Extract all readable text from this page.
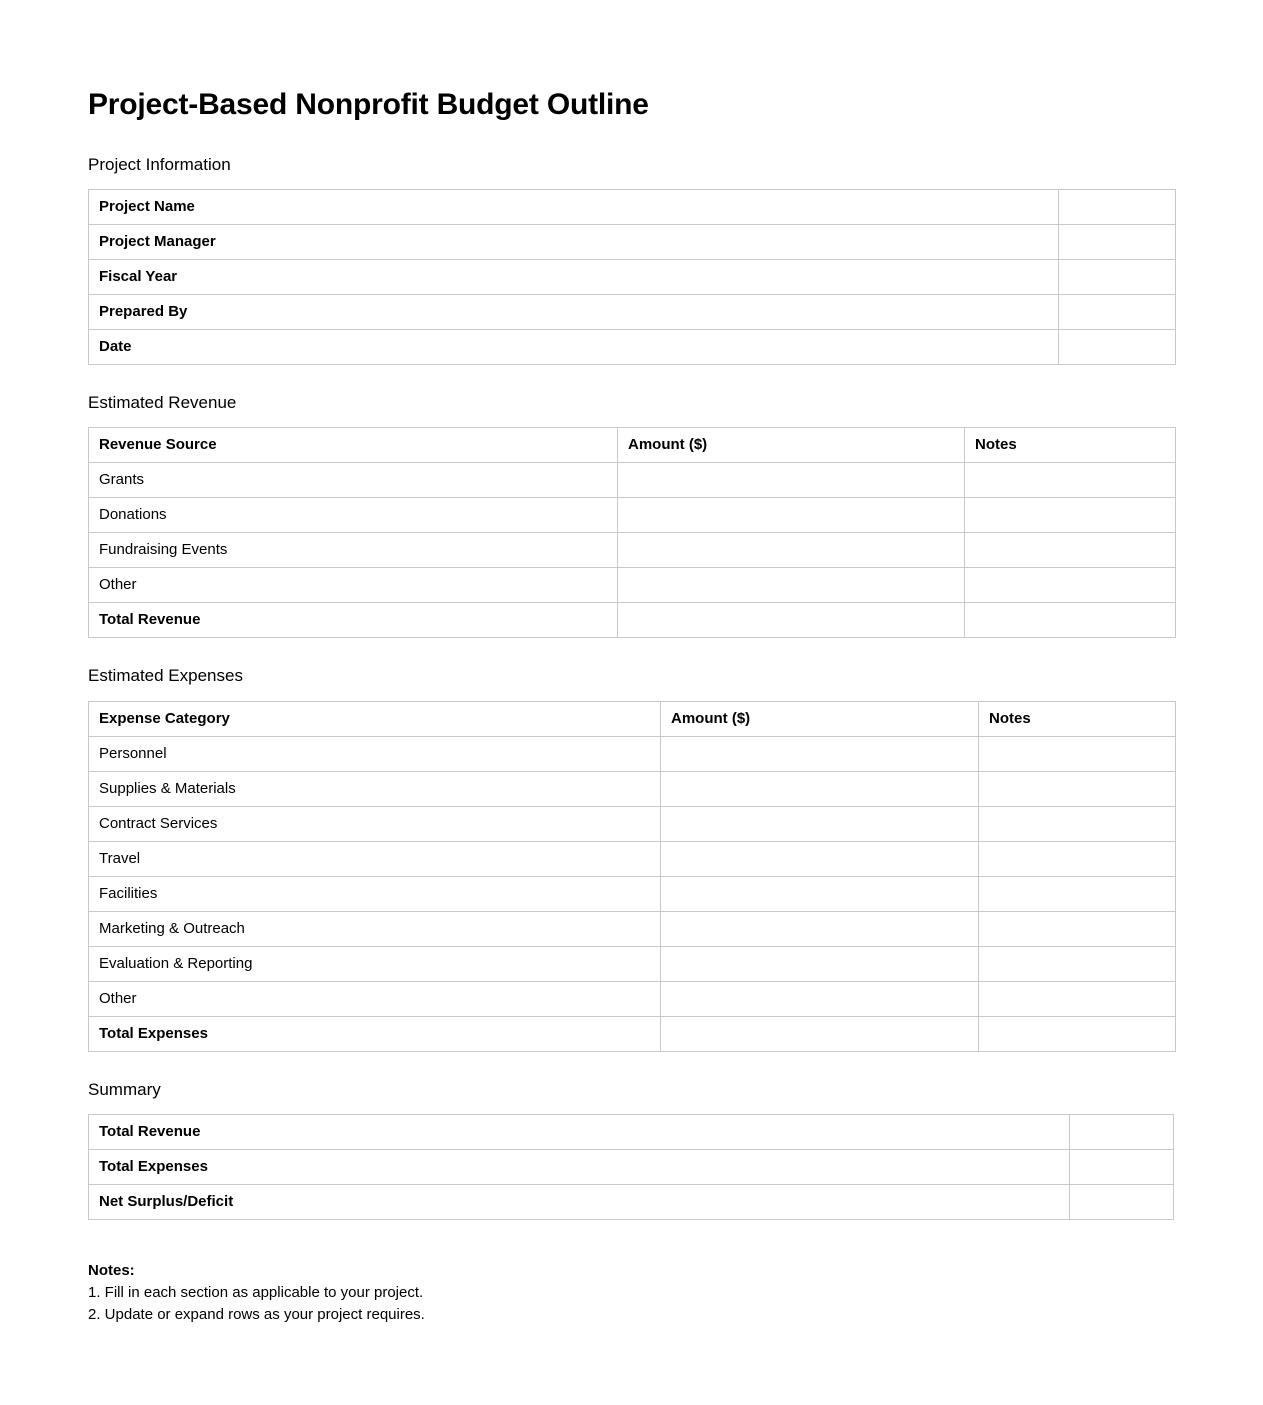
Project-Based Nonprofit Budget Outline
Project Information
Project Name	
Project Manager	
Fiscal Year	
Prepared By	
Date	
Estimated Revenue
Revenue Source	Amount ($)	Notes
Grants		
Donations		
Fundraising Events		
Other		
Total Revenue		
Estimated Expenses
Expense Category	Amount ($)	Notes
Personnel		
Supplies & Materials		
Contract Services		
Travel		
Facilities		
Marketing & Outreach		
Evaluation & Reporting		
Other		
Total Expenses		
Summary
Total Revenue	
Total Expenses	
Net Surplus/Deficit	
Notes:
1. Fill in each section as applicable to your project.
2. Update or expand rows as your project requires.
